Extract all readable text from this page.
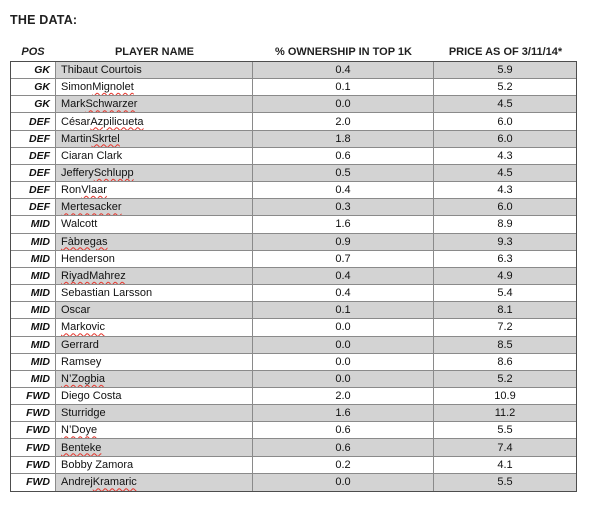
THE DATA:
POS	PLAYER NAME	% OWNERSHIP IN TOP 1K	PRICE AS OF 3/11/14*
GK	Thibaut Courtois	0.4	5.9
GK	Simon Mignolet	0.1	5.2
GK	Mark Schwarzer	0.0	4.5
DEF	César Azpilicueta	2.0	6.0
DEF	Martin Skrtel	1.8	6.0
DEF	Ciaran Clark	0.6	4.3
DEF	Jeffery Schlupp	0.5	4.5
DEF	Ron Vlaar	0.4	4.3
DEF	Mertesacker	0.3	6.0
MID	Walcott	1.6	8.9
MID	Fàbregas	0.9	9.3
MID	Henderson	0.7	6.3
MID	Riyad Mahrez	0.4	4.9
MID	Sebastian Larsson	0.4	5.4
MID	Oscar	0.1	8.1
MID	Markovic	0.0	7.2
MID	Gerrard	0.0	8.5
MID	Ramsey	0.0	8.6
MID	N’Zogbia	0.0	5.2
FWD	Diego Costa	2.0	10.9
FWD	Sturridge	1.6	11.2
FWD	N’Doye	0.6	5.5
FWD	Benteke	0.6	7.4
FWD	Bobby Zamora	0.2	4.1
FWD	Andrej Kramaric	0.0	5.5
